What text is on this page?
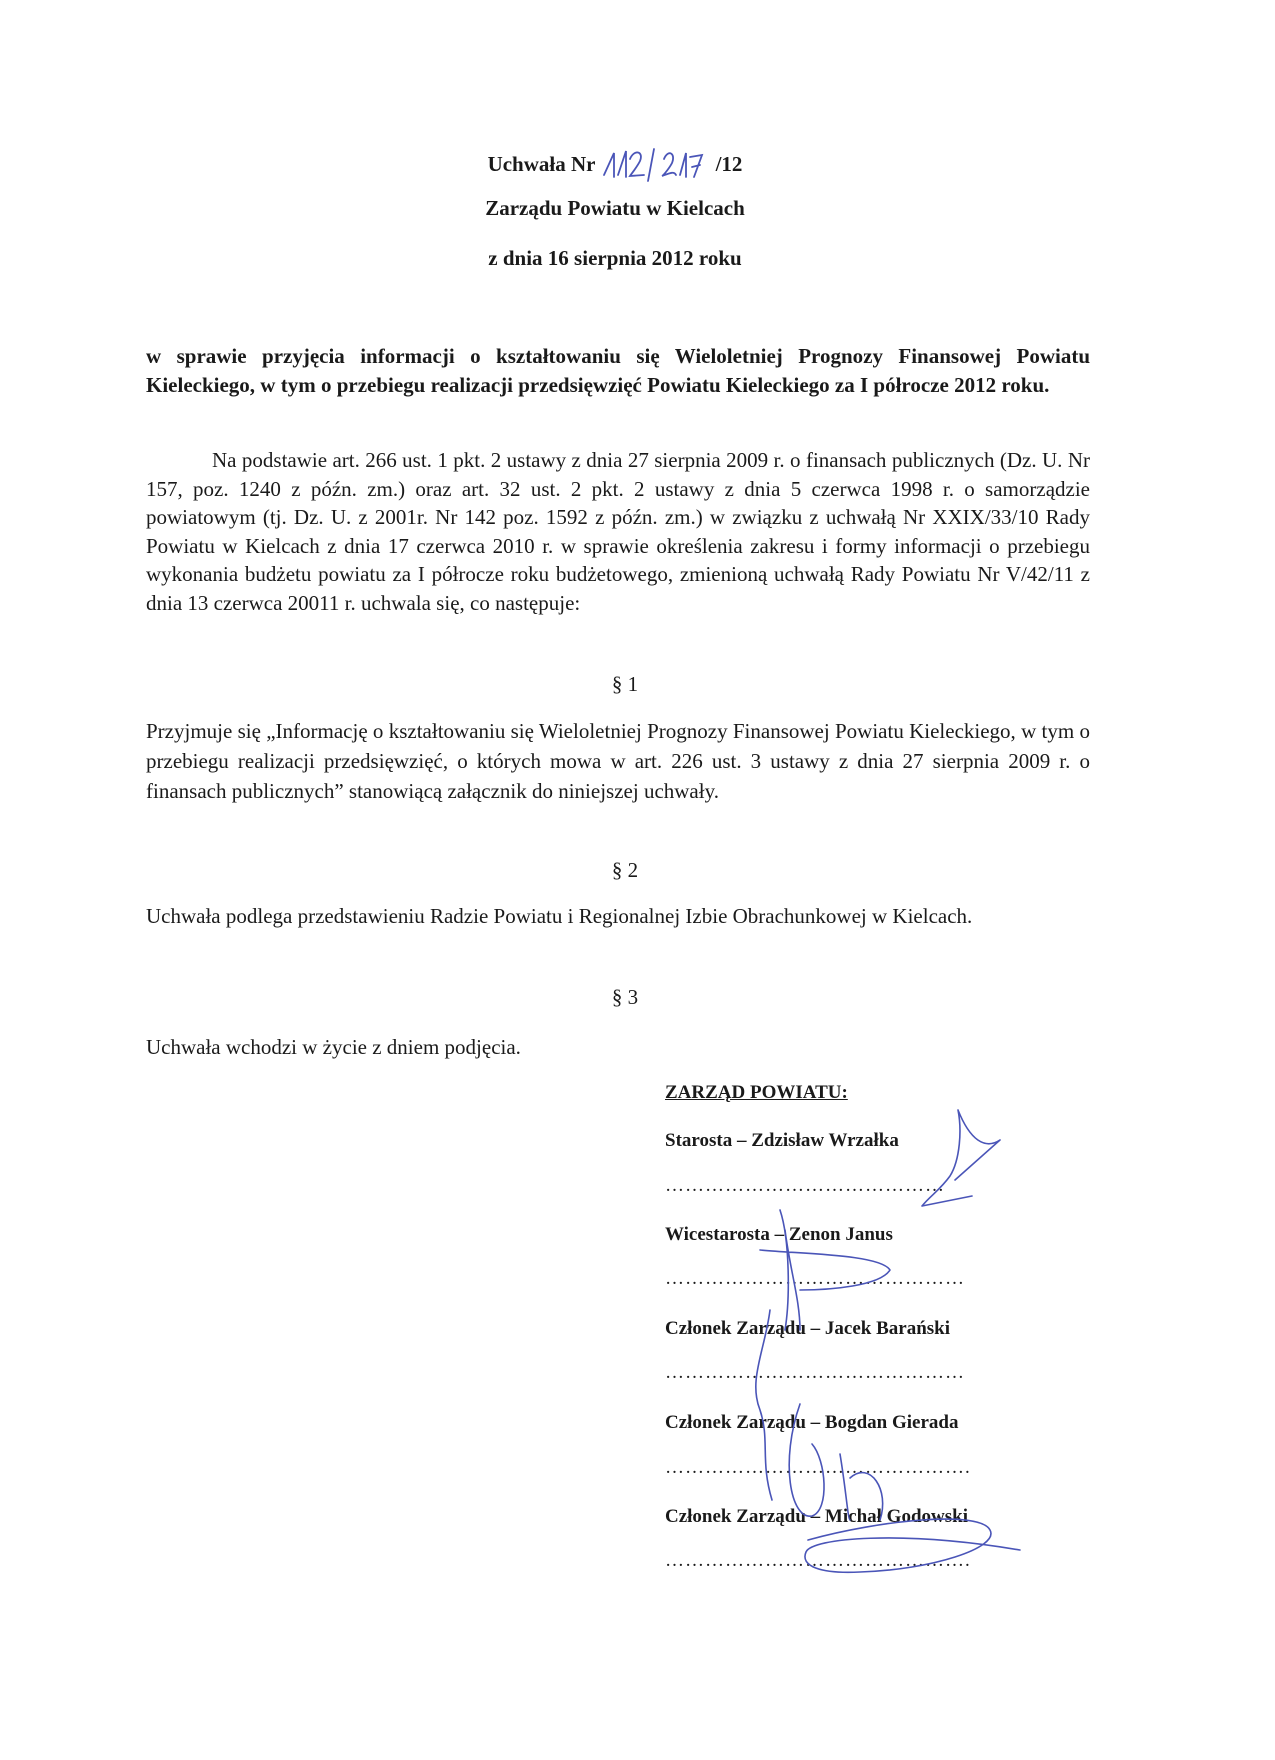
Uchwała Nr	/12
Zarządu Powiatu w Kielcach
z dnia 16 sierpnia 2012 roku
w sprawie przyjęcia informacji o kształtowaniu się Wieloletniej Prognozy Finansowej Powiatu Kieleckiego, w tym o przebiegu realizacji przedsięwzięć Powiatu Kieleckiego za I półrocze 2012 roku.
Na podstawie art. 266 ust. 1 pkt. 2 ustawy z dnia 27 sierpnia 2009 r. o finansach publicznych (Dz. U. Nr 157, poz. 1240 z późn. zm.) oraz art. 32 ust. 2 pkt. 2 ustawy z dnia 5 czerwca 1998 r. o samorządzie powiatowym (tj. Dz. U. z 2001r. Nr 142 poz. 1592 z późn. zm.) w związku z uchwałą Nr XXIX/33/10 Rady Powiatu w Kielcach z dnia 17 czerwca 2010 r. w sprawie określenia zakresu i formy informacji o przebiegu wykonania budżetu powiatu za I półrocze roku budżetowego, zmienioną uchwałą Rady Powiatu Nr V/42/11 z dnia 13 czerwca 20011 r. uchwala się, co następuje:
§ 1
Przyjmuje się „Informację o kształtowaniu się Wieloletniej Prognozy Finansowej Powiatu Kieleckiego, w tym o przebiegu realizacji przedsięwzięć, o których mowa w art. 226 ust. 3 ustawy z dnia 27 sierpnia 2009 r. o finansach publicznych” stanowiącą załącznik do niniejszej uchwały.
§ 2
Uchwała podlega przedstawieniu Radzie Powiatu i Regionalnej Izbie Obrachunkowej w Kielcach.
§ 3
Uchwała wchodzi w życie z dniem podjęcia.
ZARZĄD POWIATU:
Starosta – Zdzisław Wrzałka
……………………………………
Wicestarosta – Zenon Janus
………………………………………
Członek Zarządu – Jacek Barański
………………………………………
Członek Zarządu – Bogdan Gierada
……………………………………….
Członek Zarządu – Michał Godowski
……………………………………….
